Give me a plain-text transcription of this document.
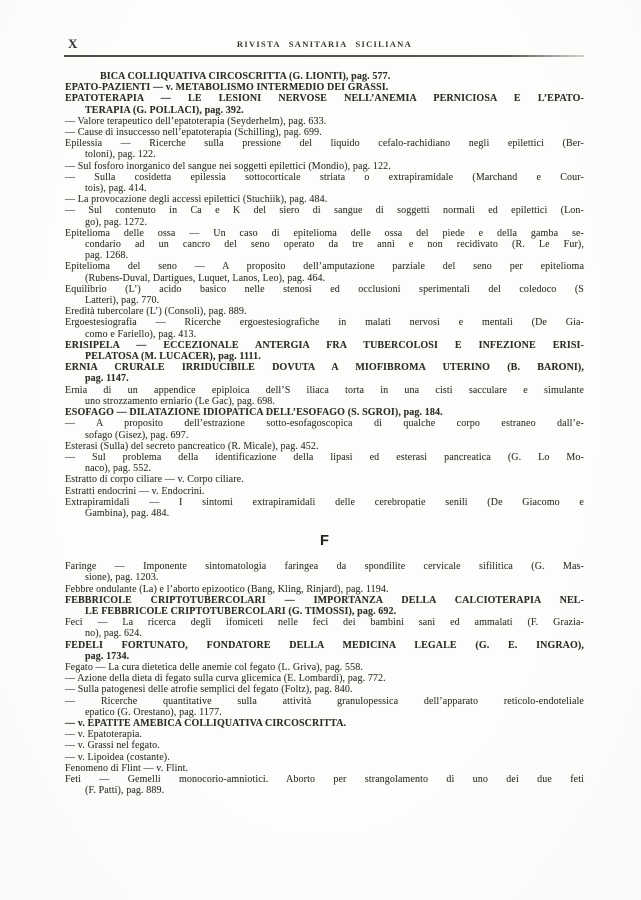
X	RIVISTA SANITARIA SICILIANA
BICA COLLIQUATIVA CIRCOSCRITTA (G. LIONTI), pag. 577.
EPATO-PAZIENTI — v. METABOLISMO INTERMEDIO DEI GRASSI.
EPATOTERAPIA — LE LESIONI NERVOSE NELL’ANEMIA PERNICIOSA E L’EPATO-
TERAPIA (G. POLLACI), pag. 392.
— Valore terapeutico dell’epatoterapia (Seyderhelm), pag. 633.
— Cause di insuccesso nell’epatoterapia (Schilling), pag. 699.
Epilessia — Ricerche sulla pressione del liquido cefalo-rachidiano negli epilettici (Ber-
toloni), pag. 122.
— Sul fosforo inorganico del sangue nei soggetti epilettici (Mondio), pag. 122.
— Sulla cosidetta epilessia sottocorticale striata o extrapiramidale (Marchand e Cour-
tois), pag. 414.
— La provocazione degli accessi epilettici (Stuchiik), pag. 484.
— Sul contenuto in Ca e K del siero di sangue di soggetti normali ed epilettici (Lon-
go), pag. 1272.
Epitelioma delle ossa — Un caso di epitelioma delle ossa del piede e della gamba se-
condario ad un cancro del seno operato da tre anni e non recidivato (R. Le Fur),
pag. 1268.
Epitelioma del seno — A proposito dell’amputazione parziale del seno per epitelioma
(Rubens-Duval, Dartigues, Luquet, Lanos, Leo), pag. 464.
Equilibrio (L’) acido basico nelle stenosi ed occlusioni sperimentali del coledoco (S
Latteri), pag. 770.
Eredità tubercolare (L’) (Consoli), pag. 889.
Ergoestesiografia — Ricerche ergoestesiografiche in malati nervosi e mentali (De Gia-
como e Fariello), pag. 413.
ERISIPELA — ECCEZIONALE ANTERGIA FRA TUBERCOLOSI E INFEZIONE ERISI-
PELATOSA (M. LUCACER), pag. 1111.
ERNIA CRURALE IRRIDUCIBILE DOVUTA A MIOFIBROMA UTERINO (B. BARONI),
pag. 1147.
Ernia di un appendice epiploica dell’S iliaca torta in una cisti sacculare e simulante
uno strozzamento erniario (Le Gac), pag. 698.
ESOFAGO — DILATAZIONE IDIOPATICA DELL’ESOFAGO (S. SGROI), pag. 184.
— A proposito dell’estrazione sotto-esofagoscopica di qualche corpo estraneo dall’e-
sofago (Gisez), pag. 697.
Esterasi (Sulla) del secreto pancreatico (R. Micale), pag. 452.
— Sul problema della identificazione della lipasi ed esterasi pancreatica (G. Lo Mo-
naco), pag. 552.
Estratto di corpo ciliare — v. Corpo ciliare.
Estratti endocrini — v. Endocrini.
Extrapiramidali — I sintomi extrapiramidali delle cerebropatie senili (De Giacomo e
Gambina), pag. 484.
F
Faringe — Imponente sintomatologia faringea da spondilite cervicale sifilitica (G. Mas-
sione), pag. 1203.
Febbre ondulante (La) e l’aborto epizootico (Bang, Kling, Rinjard), pag. 1194.
FEBBRICOLE CRIPTOTUBERCOLARI — IMPORTANZA DELLA CALCIOTERAPIA NEL-
LE FEBBRICOLE CRIPTOTUBERCOLARI (G. TIMOSSI), pag. 692.
Feci — La ricerca degli ifomiceti nelle feci dei bambini sani ed ammalati (F. Grazia-
no), pag. 624.
FEDELI FORTUNATO, FONDATORE DELLA MEDICINA LEGALE (G. E. INGRAO),
pag. 1734.
Fegato — La cura dietetica delle anemie col fegato (L. Griva), pag. 558.
— Azione della dieta di fegato sulla curva glicemica (E. Lombardi), pag. 772.
— Sulla patogenesi delle atrofie semplici del fegato (Foltz), pag. 840.
— Ricerche quantitative sulla attività granulopessica dell’apparato reticolo-endoteliale
epatico (G. Orestano), pag. 1177.
— v. EPATITE AMEBICA COLLIQUATIVA CIRCOSCRITTA.
— v. Epatoterapia.
— v. Grassi nel fegato.
— v. Lipoidea (costante).
Fenomeno di Flint — v. Flint.
Feti — Gemelli monocorio-amniotici. Aborto per strangolamento di uno dei due feti
(F. Patti), pag. 889.
